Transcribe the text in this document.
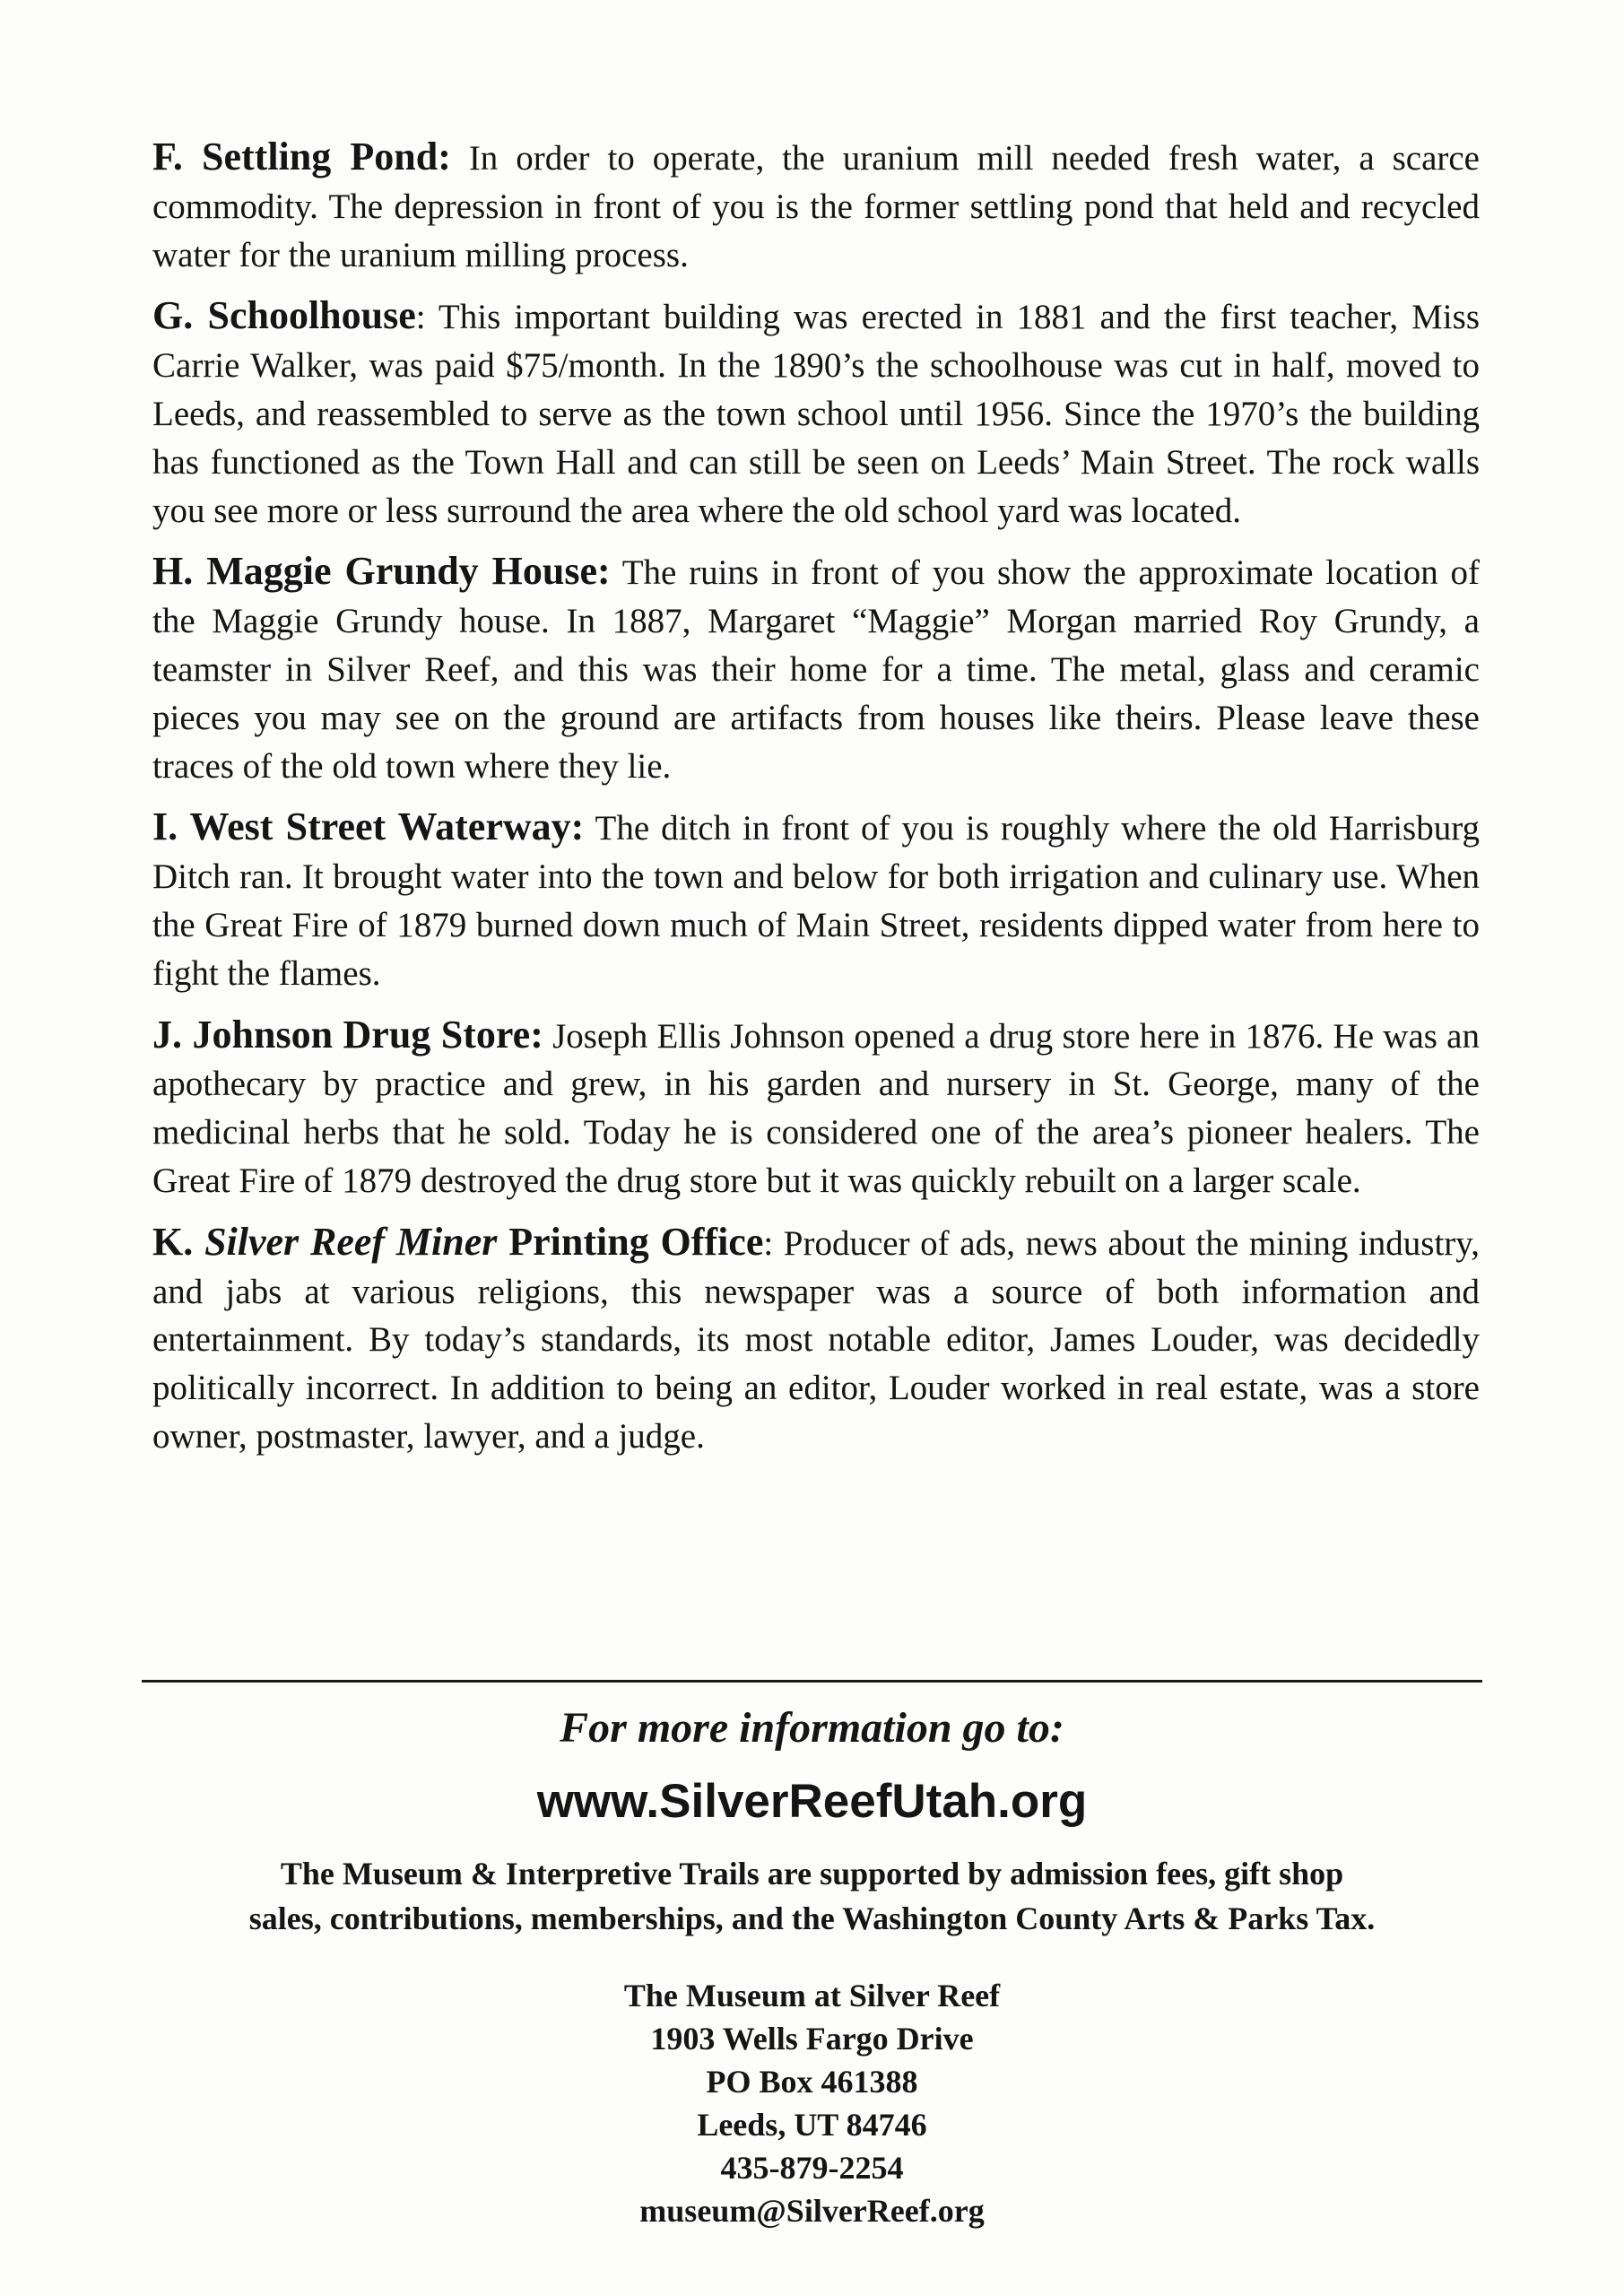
F. Settling Pond: In order to operate, the uranium mill needed fresh water, a scarce commodity. The depression in front of you is the former settling pond that held and recycled water for the uranium milling process.

G. Schoolhouse: This important building was erected in 1881 and the first teacher, Miss Carrie Walker, was paid $75/month. In the 1890’s the schoolhouse was cut in half, moved to Leeds, and reassembled to serve as the town school until 1956. Since the 1970’s the building has functioned as the Town Hall and can still be seen on Leeds’ Main Street. The rock walls you see more or less surround the area where the old school yard was located.

H. Maggie Grundy House: The ruins in front of you show the approximate location of the Maggie Grundy house. In 1887, Margaret “Maggie” Morgan married Roy Grundy, a teamster in Silver Reef, and this was their home for a time. The metal, glass and ceramic pieces you may see on the ground are artifacts from houses like theirs. Please leave these traces of the old town where they lie.

I. West Street Waterway: The ditch in front of you is roughly where the old Harrisburg Ditch ran. It brought water into the town and below for both irrigation and culinary use. When the Great Fire of 1879 burned down much of Main Street, residents dipped water from here to fight the flames.

J. Johnson Drug Store: Joseph Ellis Johnson opened a drug store here in 1876. He was an apothecary by practice and grew, in his garden and nursery in St. George, many of the medicinal herbs that he sold. Today he is considered one of the area’s pioneer healers. The Great Fire of 1879 destroyed the drug store but it was quickly rebuilt on a larger scale.

K. Silver Reef Miner Printing Office: Producer of ads, news about the mining industry, and jabs at various religions, this newspaper was a source of both information and entertainment. By today’s standards, its most notable editor, James Louder, was decidedly politically incorrect. In addition to being an editor, Louder worked in real estate, was a store owner, postmaster, lawyer, and a judge.

For more information go to:
www.SilverReefUtah.org
The Museum & Interpretive Trails are supported by admission fees, gift shop
sales, contributions, memberships, and the Washington County Arts & Parks Tax.
The Museum at Silver Reef
1903 Wells Fargo Drive
PO Box 461388
Leeds, UT 84746
435-879-2254
museum@SilverReef.org
